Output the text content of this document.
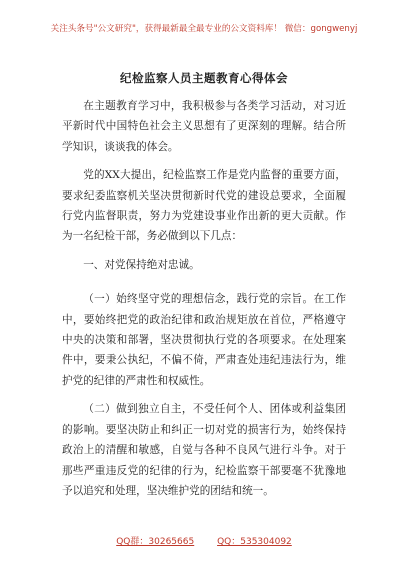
关注头条号"公文研究"，获得最新最全最专业的公文资料库！ 微信：gongwenyj
纪检监察人员主题教育心得体会

在主题教育学习中，我积极参与各类学习活动，对习近平新时代中国特色社会主义思想有了更深刻的理解。结合所学知识，谈谈我的体会。

党的XX大提出，纪检监察工作是党内监督的重要方面，要求纪委监察机关坚决贯彻新时代党的建设总要求，全面履行党内监督职责，努力为党建设事业作出新的更大贡献。作为一名纪检干部，务必做到以下几点：

一、对党保持绝对忠诚。

（一）始终坚守党的理想信念，践行党的宗旨。在工作中，要始终把党的政治纪律和政治规矩放在首位，严格遵守中央的决策和部署，坚决贯彻执行党的各项要求。在处理案件中，要秉公执纪，不偏不倚，严肃查处违纪违法行为，维护党的纪律的严肃性和权威性。

（二）做到独立自主，不受任何个人、团体或利益集团的影响。要坚决防止和纠正一切对党的损害行为，始终保持政治上的清醒和敏感，自觉与各种不良风气进行斗争。对于那些严重违反党的纪律的行为，纪检监察干部要毫不犹豫地予以追究和处理，坚决维护党的团结和统一。

QQ群：30265665	QQ：535304092
